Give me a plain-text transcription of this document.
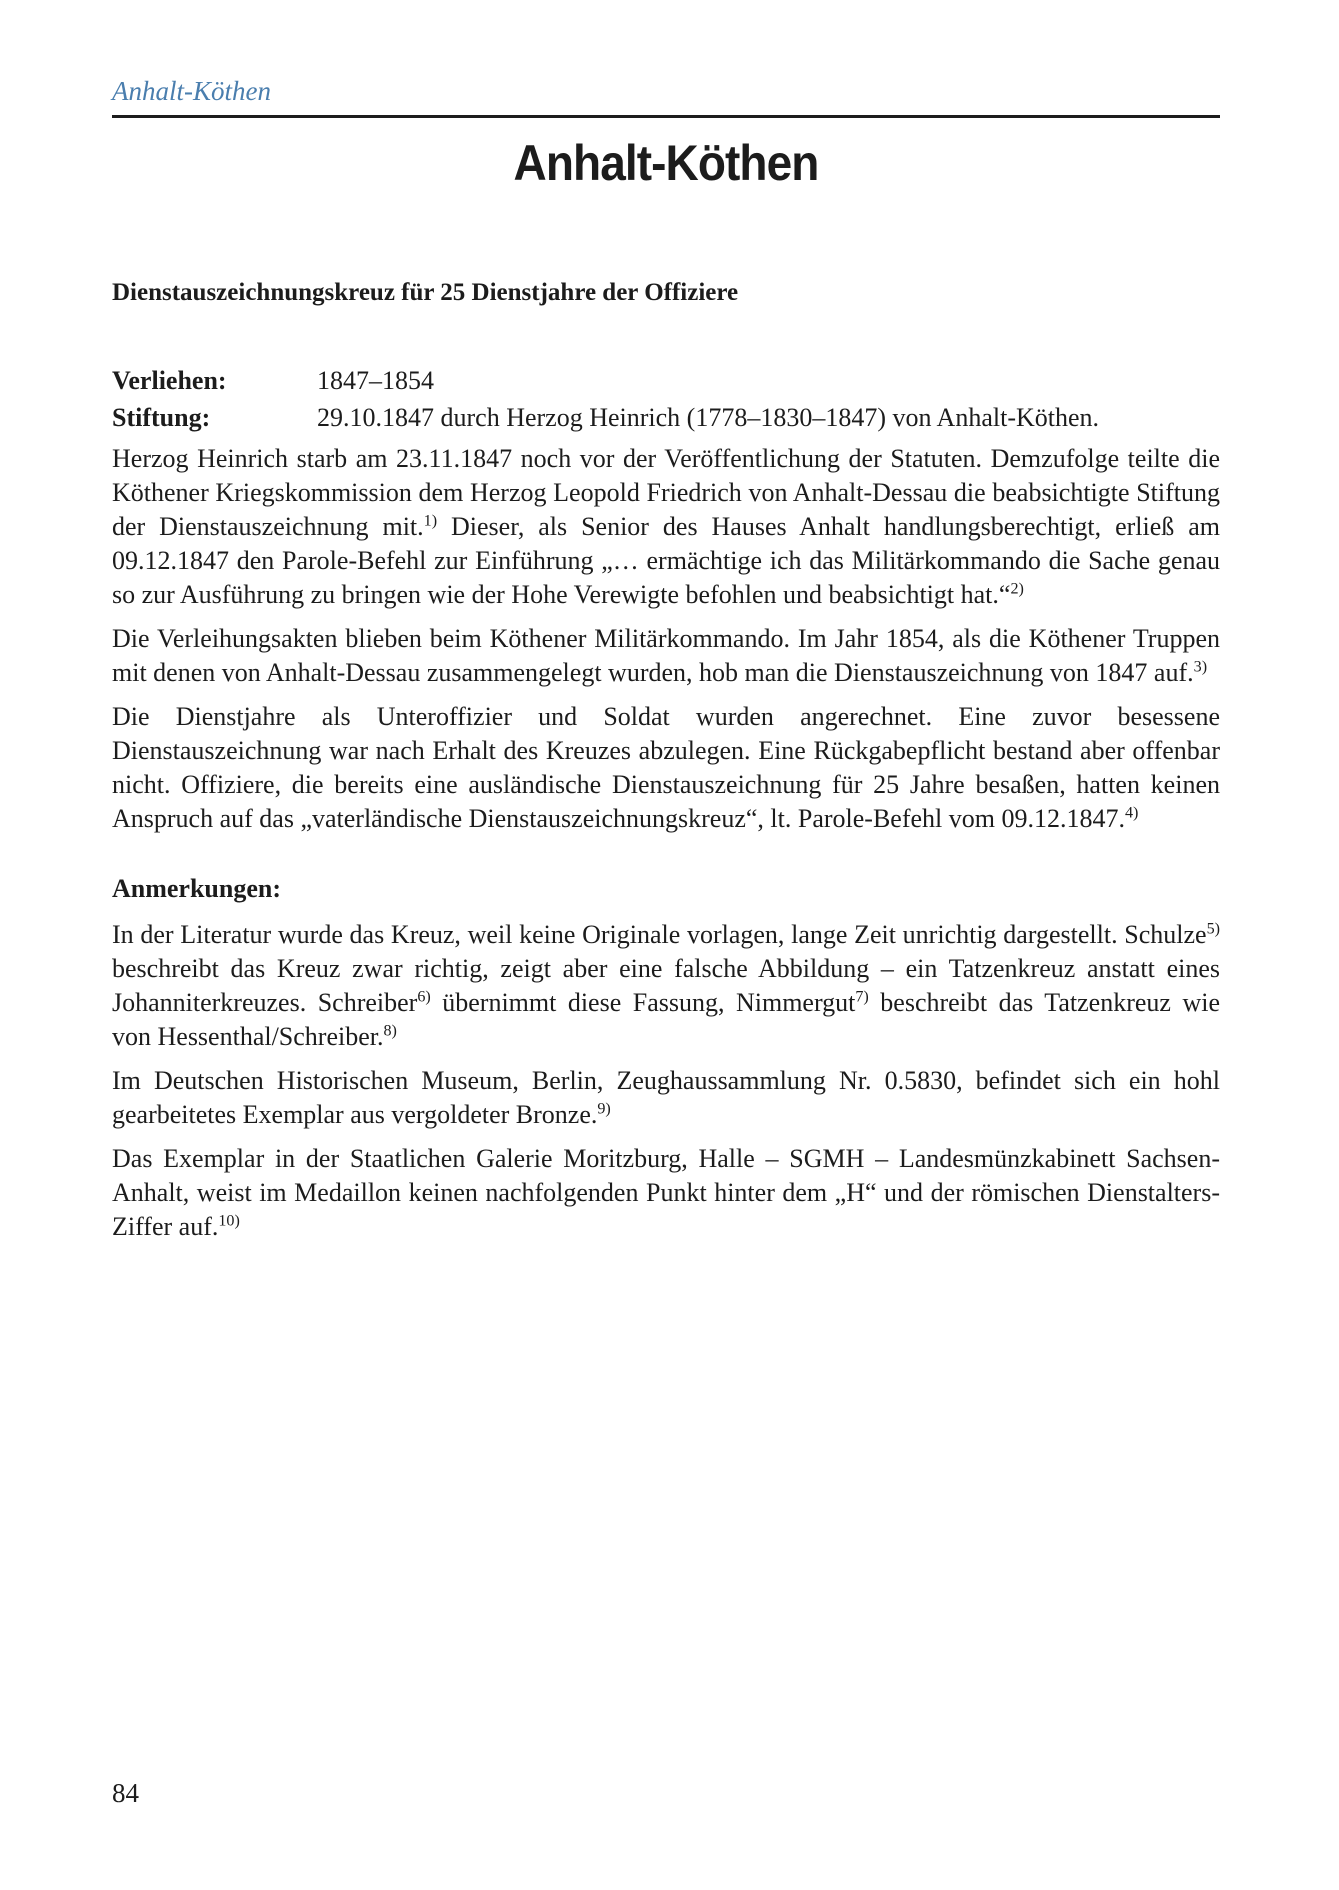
Anhalt-Köthen
Anhalt-Köthen
Dienstauszeichnungskreuz für 25 Dienstjahre der Offiziere
Verliehen:	1847–1854
Stiftung:	29.10.1847 durch Herzog Heinrich (1778–1830–1847) von Anhalt-Köthen.

Herzog Heinrich starb am 23.11.1847 noch vor der Veröffentlichung der Statuten. Demzufolge teilte die Köthener Kriegskommission dem Herzog Leopold Friedrich von Anhalt-Dessau die beabsichtigte Stiftung der Dienstauszeichnung mit.$^{1)}$ Dieser, als Senior des Hauses Anhalt handlungsberechtigt, erließ am 09.12.1847 den Parole-Befehl zur Einführung „… ermächtige ich das Militärkommando die Sache genau so zur Ausführung zu bringen wie der Hohe Verewigte befohlen und beabsichtigt hat.“$^{2)}$

Die Verleihungsakten blieben beim Köthener Militärkommando. Im Jahr 1854, als die Köthener Truppen mit denen von Anhalt-Dessau zusammengelegt wurden, hob man die Dienstauszeichnung von 1847 auf.$^{3)}$

Die Dienstjahre als Unteroffizier und Soldat wurden angerechnet. Eine zuvor besessene Dienstauszeichnung war nach Erhalt des Kreuzes abzulegen. Eine Rückgabepflicht bestand aber offenbar nicht. Offiziere, die bereits eine ausländische Dienstauszeichnung für 25 Jahre besaßen, hatten keinen Anspruch auf das „vaterländische Dienstauszeichnungskreuz“, lt. Parole-Befehl vom 09.12.1847.$^{4)}$

Anmerkungen:

In der Literatur wurde das Kreuz, weil keine Originale vorlagen, lange Zeit unrichtig dargestellt. Schulze$^{5)}$ beschreibt das Kreuz zwar richtig, zeigt aber eine falsche Abbildung – ein Tatzenkreuz anstatt eines Johanniterkreuzes. Schreiber$^{6)}$ übernimmt diese Fassung, Nimmergut$^{7)}$ beschreibt das Tatzenkreuz wie von Hessenthal/Schreiber.$^{8)}$

Im Deutschen Historischen Museum, Berlin, Zeughaussammlung Nr. 0.5830, befindet sich ein hohl gearbeitetes Exemplar aus vergoldeter Bronze.$^{9)}$

Das Exemplar in der Staatlichen Galerie Moritzburg, Halle – SGMH – Landesmünzkabinett Sachsen-Anhalt, weist im Medaillon keinen nachfolgenden Punkt hinter dem „H“ und der römischen Dienstalters-Ziffer auf.$^{10)}$

84
